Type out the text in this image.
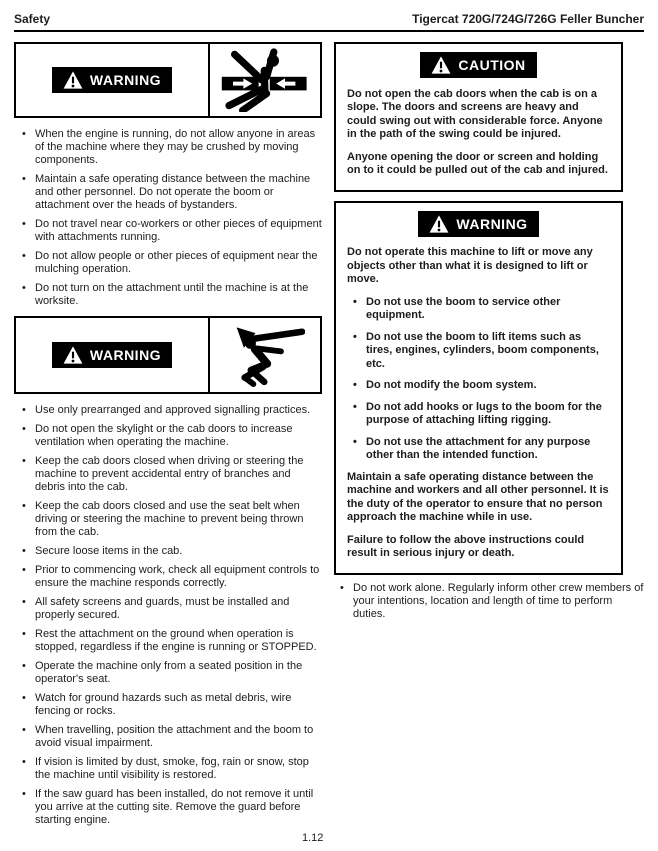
Safety	Tigercat 720G/724G/726G Feller Buncher
WARNING
• When the engine is running, do not allow anyone in areas of the machine where they may be crushed by moving components.
• Maintain a safe operating distance between the machine and other personnel. Do not operate the boom or attachment over the heads of bystanders.
• Do not travel near co-workers or other pieces of equipment with attachments running.
• Do not allow people or other pieces of equipment near the mulching operation.
• Do not turn on the attachment until the machine is at the worksite.
WARNING
• Use only prearranged and approved signalling practices.
• Do not open the skylight or the cab doors to increase ventilation when operating the machine.
• Keep the cab doors closed when driving or steering the machine to prevent accidental entry of branches and debris into the cab.
• Keep the cab doors closed and use the seat belt when driving or steering the machine to prevent being thrown from the cab.
• Secure loose items in the cab.
• Prior to commencing work, check all equipment controls to ensure the machine responds correctly.
• All safety screens and guards, must be installed and properly secured.
• Rest the attachment on the ground when operation is stopped, regardless if the engine is running or STOPPED.
• Operate the machine only from a seated position in the operator's seat.
• Watch for ground hazards such as metal debris, wire fencing or rocks.
• When travelling, position the attachment and the boom to avoid visual impairment.
• If vision is limited by dust, smoke, fog, rain or snow, stop the machine until visibility is restored.
• If the saw guard has been installed, do not remove it until you arrive at the cutting site. Remove the guard before starting engine.
CAUTION

Do not open the cab doors when the cab is on a slope. The doors and screens are heavy and could swing out with considerable force. Anyone in the path of the swing could be injured.

Anyone opening the door or screen and holding on to it could be pulled out of the cab and injured.

WARNING

Do not operate this machine to lift or move any objects other than what it is designed to lift or move.

• Do not use the boom to service other equipment.
• Do not use the boom to lift items such as tires, engines, cylinders, boom components, etc.
• Do not modify the boom system.
• Do not add hooks or lugs to the boom for the purpose of attaching lifting rigging.
• Do not use the attachment for any purpose other than the intended function.

Maintain a safe operating distance between the machine and workers and all other personnel. It is the duty of the operator to ensure that no person approach the machine while in use.

Failure to follow the above instructions could result in serious injury or death.

• Do not work alone. Regularly inform other crew members of your intentions, location and length of time to perform duties.
1.12
